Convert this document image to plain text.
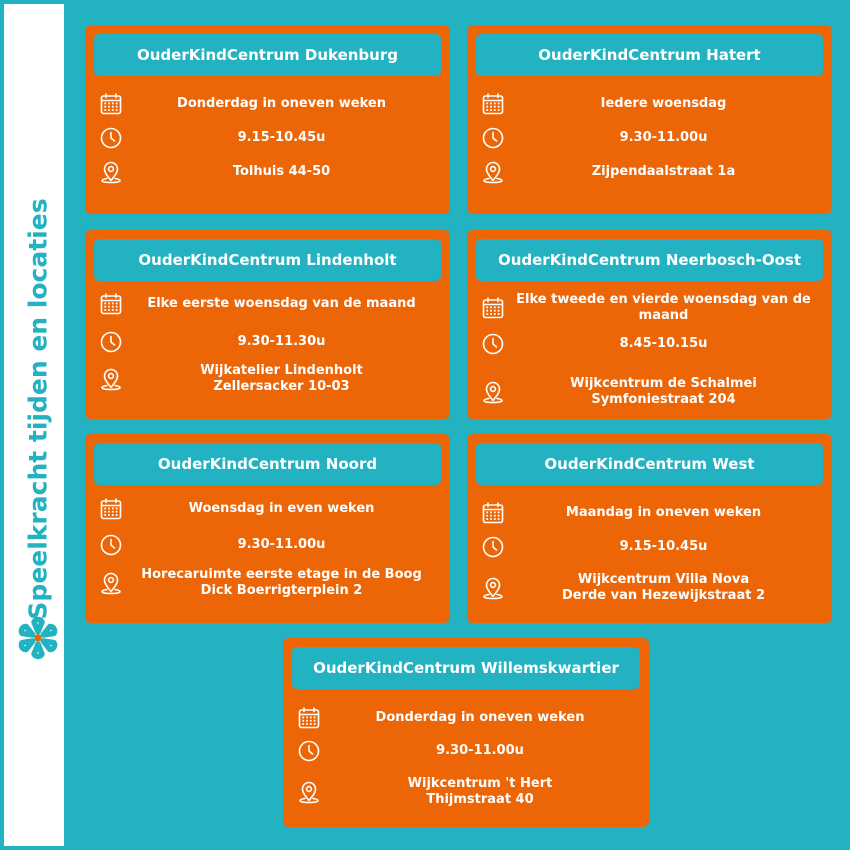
Speelkracht tijden en locaties
OuderKindCentrum Dukenburg
Donderdag in oneven weken
9.15-10.45u
Tolhuis 44-50
OuderKindCentrum Hatert
Iedere woensdag
9.30-11.00u
Zijpendaalstraat 1a
OuderKindCentrum Lindenholt
Elke eerste woensdag van de maand
9.30-11.30u
Wijkatelier Lindenholt
Zellersacker 10-03
OuderKindCentrum Neerbosch-Oost
Elke tweede en vierde woensdag van de maand
8.45-10.15u
Wijkcentrum de Schalmei
Symfoniestraat 204
OuderKindCentrum Noord
Woensdag in even weken
9.30-11.00u
Horecaruimte eerste etage in de Boog
Dick Boerrigterplein 2
OuderKindCentrum West
Maandag in oneven weken
9.15-10.45u
Wijkcentrum Villa Nova
Derde van Hezewijkstraat 2
OuderKindCentrum Willemskwartier
Donderdag in oneven weken
9.30-11.00u
Wijkcentrum 't Hert
Thijmstraat 40
